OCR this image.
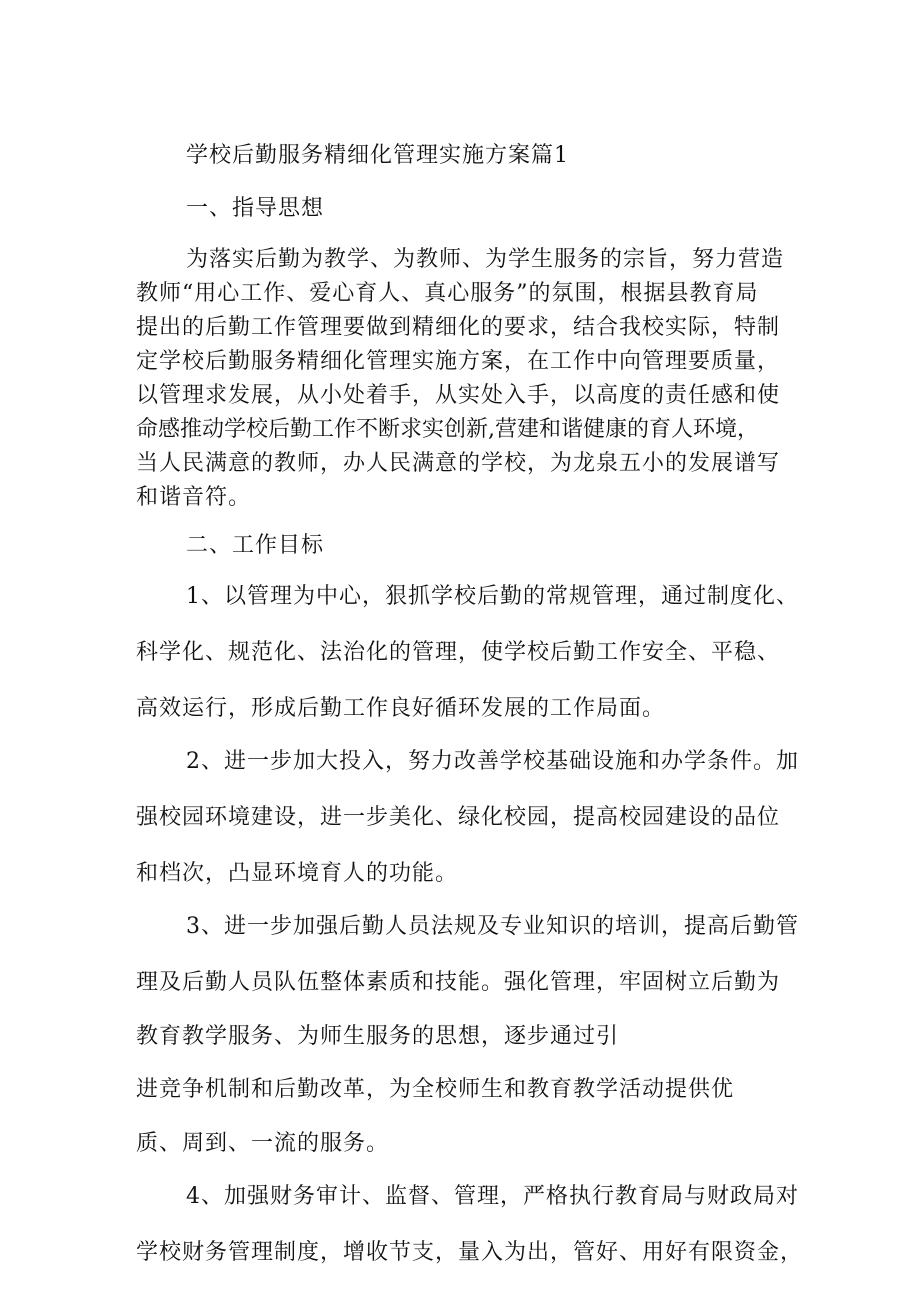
学校后勤服务精细化管理实施方案篇1
一、指导思想
为落实后勤为教学、为教师、为学生服务的宗旨，努力营造
教师“用心工作、爱心育人、真心服务”的氛围，根据县教育局
提出的后勤工作管理要做到精细化的要求，结合我校实际，特制
定学校后勤服务精细化管理实施方案，在工作中向管理要质量，
以管理求发展，从小处着手，从实处入手，以高度的责任感和使
命感推动学校后勤工作不断求实创新,营建和谐健康的育人环境，
当人民满意的教师，办人民满意的学校，为龙泉五小的发展谱写
和谐音符。
二、工作目标
1、以管理为中心，狠抓学校后勤的常规管理，通过制度化、
科学化、规范化、法治化的管理，使学校后勤工作安全、平稳、
高效运行，形成后勤工作良好循环发展的工作局面。
2、进一步加大投入，努力改善学校基础设施和办学条件。加
强校园环境建设，进一步美化、绿化校园，提高校园建设的品位
和档次，凸显环境育人的功能。
3、进一步加强后勤人员法规及专业知识的培训，提高后勤管
理及后勤人员队伍整体素质和技能。强化管理，牢固树立后勤为
教育教学服务、为师生服务的思想，逐步通过引
进竞争机制和后勤改革，为全校师生和教育教学活动提供优
质、周到、一流的服务。
4、加强财务审计、监督、管理，严格执行教育局与财政局对
学校财务管理制度，增收节支，量入为出，管好、用好有限资金，
